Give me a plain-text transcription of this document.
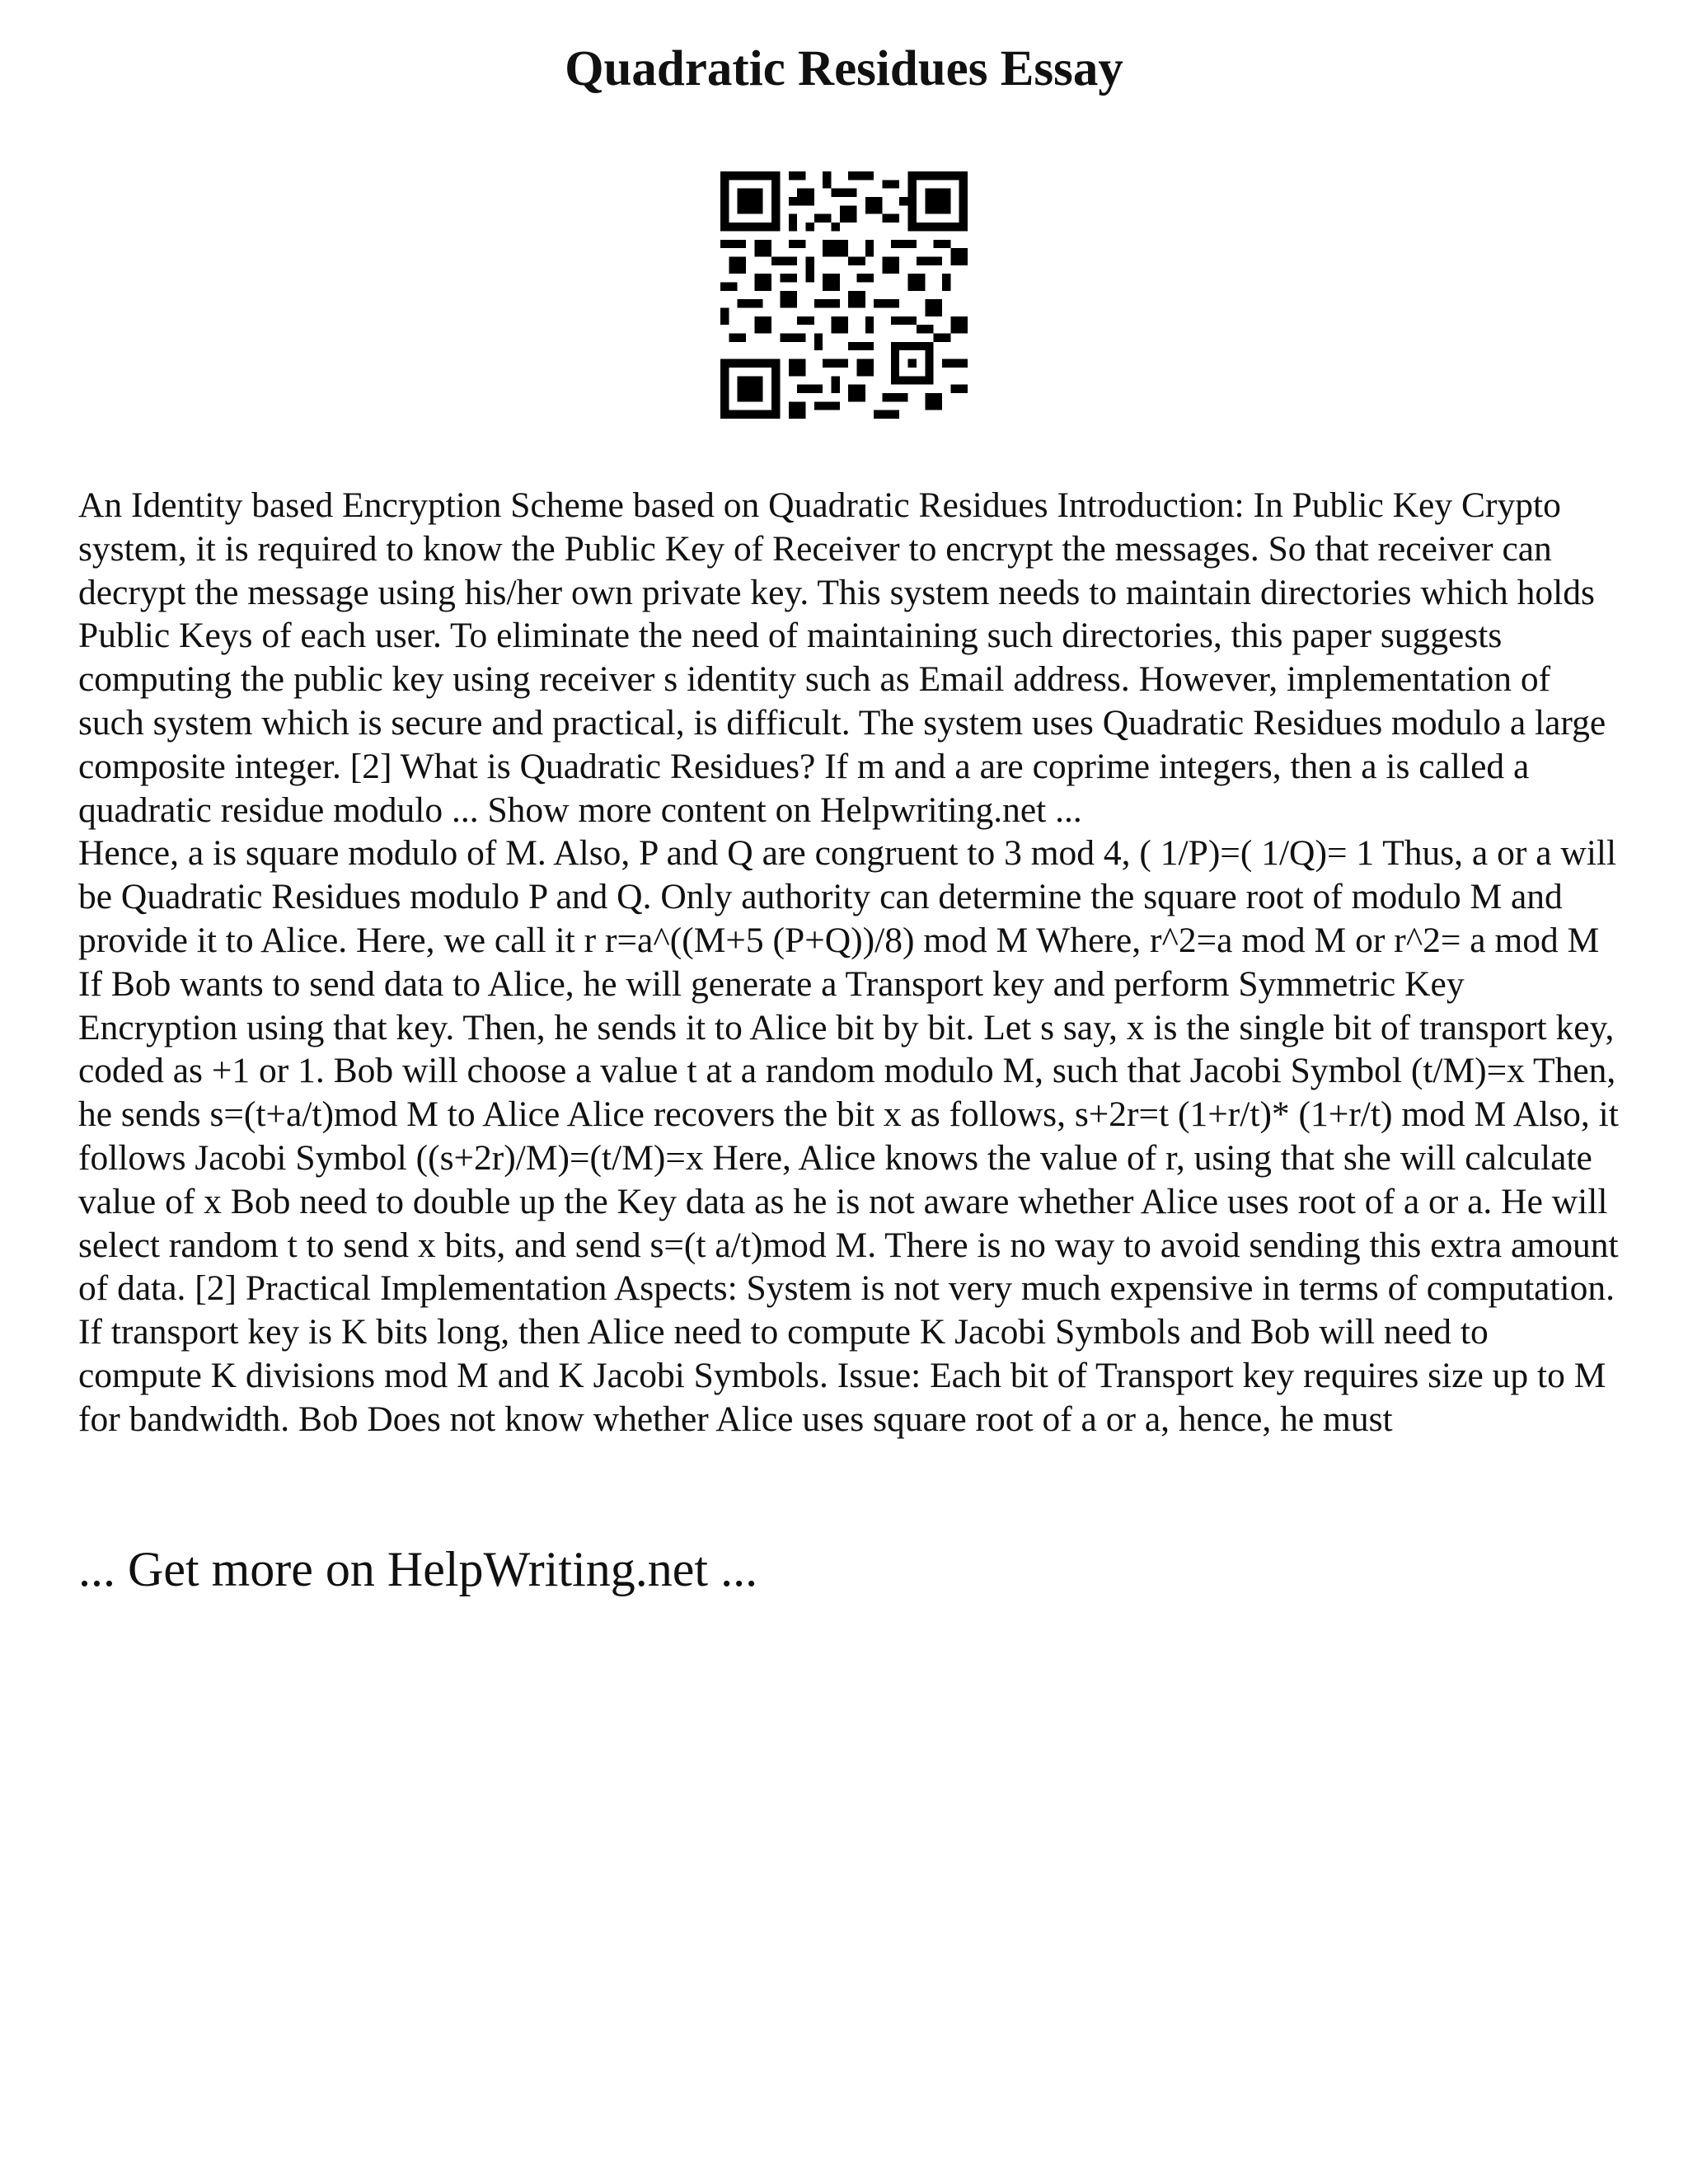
Quadratic Residues Essay

An Identity based Encryption Scheme based on Quadratic Residues Introduction: In Public Key Crypto system, it is required to know the Public Key of Receiver to encrypt the messages. So that receiver can decrypt the message using his/her own private key. This system needs to maintain directories which holds Public Keys of each user. To eliminate the need of maintaining such directories, this paper suggests computing the public key using receiver s identity such as Email address. However, implementation of such system which is secure and practical, is difficult. The system uses Quadratic Residues modulo a large composite integer. [2] What is Quadratic Residues? If m and a are coprime integers, then a is called a quadratic residue modulo ... Show more content on Helpwriting.net ...

Hence, a is square modulo of M. Also, P and Q are congruent to 3 mod 4, ( 1/P)=( 1/Q)= 1 Thus, a or a will be Quadratic Residues modulo P and Q. Only authority can determine the square root of modulo M and provide it to Alice. Here, we call it r r=a^((M+5 (P+Q))/8) mod M Where, r^2=a mod M or r^2= a mod M If Bob wants to send data to Alice, he will generate a Transport key and perform Symmetric Key Encryption using that key. Then, he sends it to Alice bit by bit. Let s say, x is the single bit of transport key, coded as +1 or 1. Bob will choose a value t at a random modulo M, such that Jacobi Symbol (t/M)=x Then, he sends s=(t+a/t)mod M to Alice Alice recovers the bit x as follows, s+2r=t (1+r/t)* (1+r/t) mod M Also, it follows Jacobi Symbol ((s+2r)/M)=(t/M)=x Here, Alice knows the value of r, using that she will calculate value of x Bob need to double up the Key data as he is not aware whether Alice uses root of a or a. He will select random t to send x bits, and send s=(t a/t)mod M. There is no way to avoid sending this extra amount of data. [2] Practical Implementation Aspects: System is not very much expensive in terms of computation. If transport key is K bits long, then Alice need to compute K Jacobi Symbols and Bob will need to compute K divisions mod M and K Jacobi Symbols. Issue: Each bit of Transport key requires size up to M for bandwidth. Bob Does not know whether Alice uses square root of a or a, hence, he must

... Get more on HelpWriting.net ...
